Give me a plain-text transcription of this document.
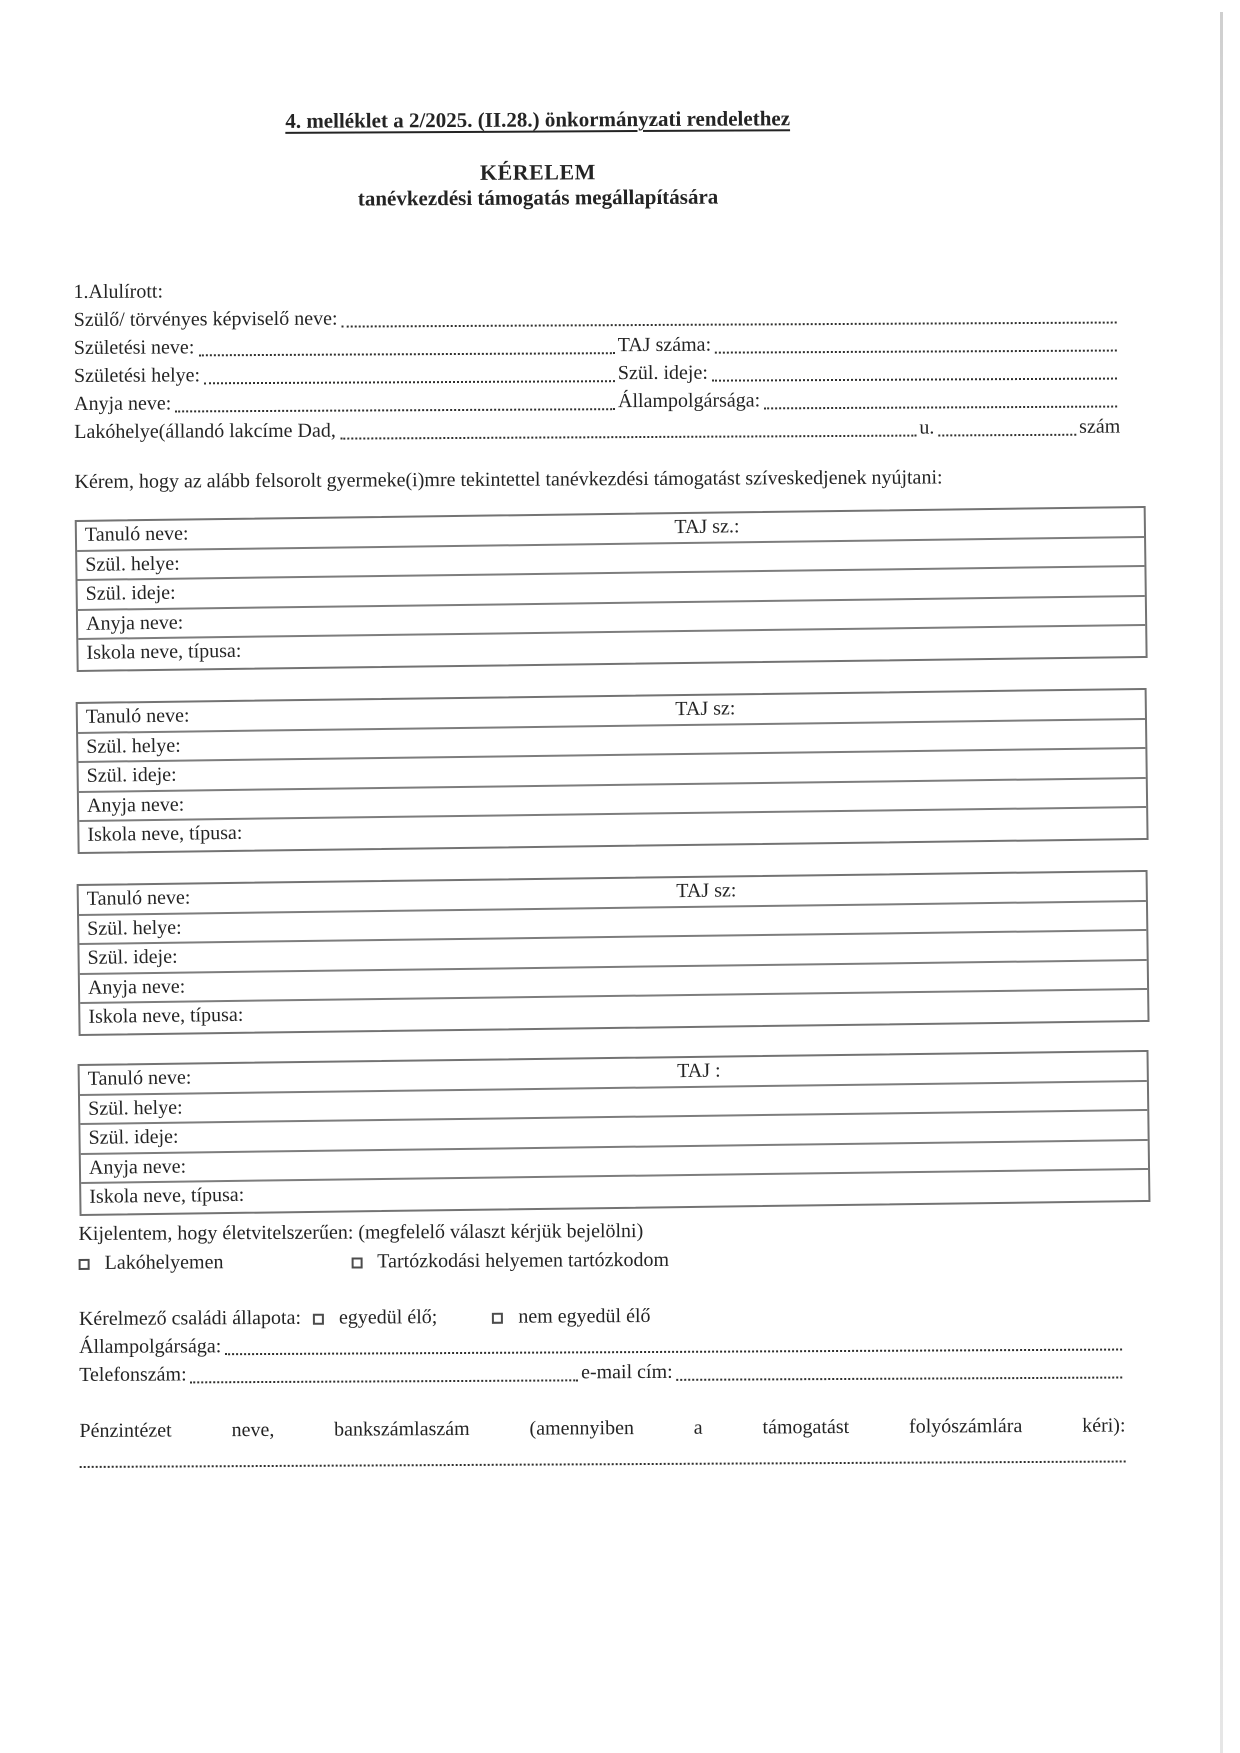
4. melléklet a 2/2025. (II.28.) önkormányzati rendelethez
KÉRELEM
tanévkezdési támogatás megállapítására
1.Alulírott:
Szülő/ törvényes képviselő neve:
Születési neve:	TAJ száma:
Születési helye:	Szül. ideje:
Anyja neve:	Állampolgársága:
Lakóhelye(állandó lakcíme Dad,	u.	szám
Kérem, hogy az alább felsorolt gyermeke(i)mre tekintettel tanévkezdési támogatást szíveskedjenek nyújtani:
Tanuló neve:	TAJ sz.:
Szül. helye:
Szül. ideje:
Anyja neve:
Iskola neve, típusa:
Tanuló neve:	TAJ sz:
Szül. helye:
Szül. ideje:
Anyja neve:
Iskola neve, típusa:
Tanuló neve:	TAJ sz:
Szül. helye:
Szül. ideje:
Anyja neve:
Iskola neve, típusa:
Tanuló neve:	TAJ :
Szül. helye:
Szül. ideje:
Anyja neve:
Iskola neve, típusa:
Kijelentem, hogy életvitelszerűen: (megfelelő választ kérjük bejelölni)
Lakóhelyemen	Tartózkodási helyemen tartózkodom
Kérelmező családi állapota:	egyedül élő;	nem egyedül élő
Állampolgársága:
Telefonszám:	e-mail cím:
Pénzintézet neve, bankszámlaszám (amennyiben a támogatást folyószámlára kéri):
